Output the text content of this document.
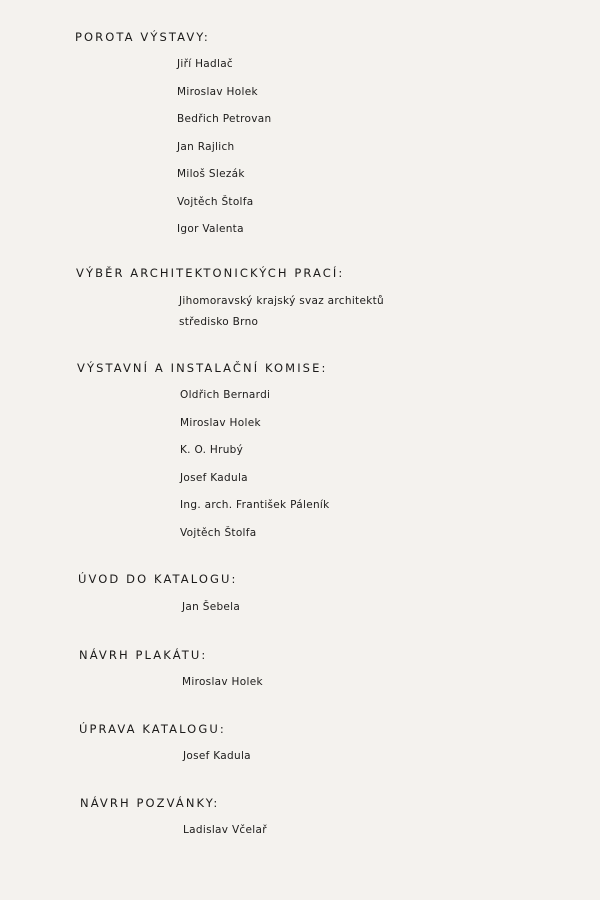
POROTA VÝSTAVY:
Jiří Hadlač
Miroslav Holek
Bedřich Petrovan
Jan Rajlich
Miloš Slezák
Vojtěch Štolfa
Igor Valenta
VÝBĚR ARCHITEKTONICKÝCH PRACÍ:
Jihomoravský krajský svaz architektů
středisko Brno
VÝSTAVNÍ A INSTALAČNÍ KOMISE:
Oldřich Bernardi
Miroslav Holek
K. O. Hrubý
Josef Kadula
Ing. arch. František Páleník
Vojtěch Štolfa
ÚVOD DO KATALOGU:
Jan Šebela
NÁVRH PLAKÁTU:
Miroslav Holek
ÚPRAVA KATALOGU:
Josef Kadula
NÁVRH POZVÁNKY:
Ladislav Včelař
